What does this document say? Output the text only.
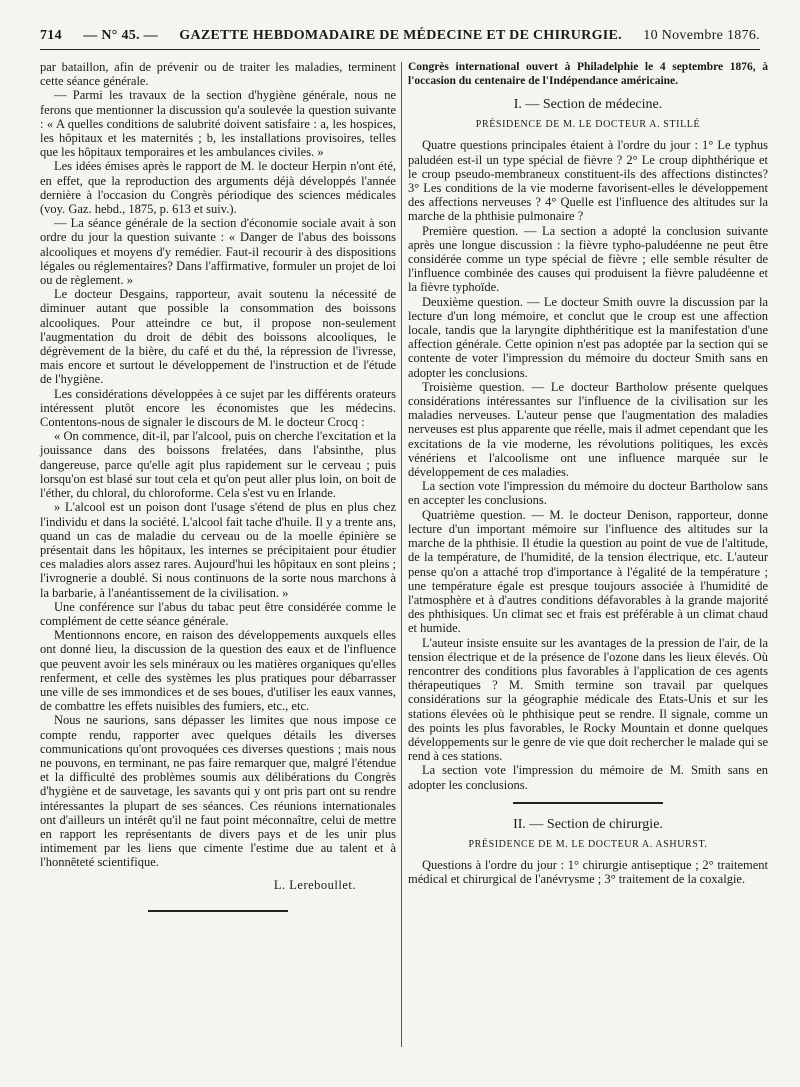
714 — N° 45. — GAZETTE HEBDOMADAIRE DE MÉDECINE ET DE CHIRURGIE. 10 Novembre 1876.

par bataillon, afin de prévenir ou de traiter les maladies, terminent cette séance générale.

— Parmi les travaux de la section d'hygiène générale, nous ne ferons que mentionner la discussion qu'a soulevée la question suivante : « A quelles conditions de salubrité doivent satisfaire : a, les hospices, les hôpitaux et les maternités ; b, les installations provisoires, telles que les hôpitaux temporaires et les ambulances civiles. »

Les idées émises après le rapport de M. le docteur Herpin n'ont été, en effet, que la reproduction des arguments déjà développés l'année dernière à l'occasion du Congrès périodique des sciences médicales (voy. Gaz. hebd., 1875, p. 613 et suiv.).

— La séance générale de la section d'économie sociale avait à son ordre du jour la question suivante : « Danger de l'abus des boissons alcooliques et moyens d'y remédier. Faut-il recourir à des dispositions légales ou réglementaires? Dans l'affirmative, formuler un projet de loi ou de règlement. »

Le docteur Desgains, rapporteur, avait soutenu la nécessité de diminuer autant que possible la consommation des boissons alcooliques. Pour atteindre ce but, il propose non-seulement l'augmentation du droit de débit des boissons alcooliques, le dégrèvement de la bière, du café et du thé, la répression de l'ivresse, mais encore et surtout le développement de l'instruction et de l'étude de l'hygiène.

Les considérations développées à ce sujet par les différents orateurs intéressent plutôt encore les économistes que les médecins. Contentons-nous de signaler le discours de M. le docteur Crocq :

« On commence, dit-il, par l'alcool, puis on cherche l'excitation et la jouissance dans des boissons frelatées, dans l'absinthe, plus dangereuse, parce qu'elle agit plus rapidement sur le cerveau ; puis lorsqu'on est blasé sur tout cela et qu'on peut aller plus loin, on boit de l'éther, du chloral, du chloroforme. Cela s'est vu en Irlande.

» L'alcool est un poison dont l'usage s'étend de plus en plus chez l'individu et dans la société. L'alcool fait tache d'huile. Il y a trente ans, quand un cas de maladie du cerveau ou de la moelle épinière se présentait dans les hôpitaux, les internes se précipitaient pour étudier ces maladies alors assez rares. Aujourd'hui les hôpitaux en sont pleins ; l'ivrognerie a doublé. Si nous continuons de la sorte nous marchons à la barbarie, à l'anéantissement de la civilisation. »

Une conférence sur l'abus du tabac peut être considérée comme le complément de cette séance générale.

Mentionnons encore, en raison des développements auxquels elles ont donné lieu, la discussion de la question des eaux et de l'influence que peuvent avoir les sels minéraux ou les matières organiques qu'elles renferment, et celle des systèmes les plus pratiques pour débarrasser une ville de ses immondices et de ses boues, d'utiliser les eaux vannes, de combattre les effets nuisibles des fumiers, etc., etc.

Nous ne saurions, sans dépasser les limites que nous impose ce compte rendu, rapporter avec quelques détails les diverses communications qu'ont provoquées ces diverses questions ; mais nous ne pouvons, en terminant, ne pas faire remarquer que, malgré l'étendue et la difficulté des problèmes soumis aux délibérations du Congrès d'hygiène et de sauvetage, les savants qui y ont pris part ont su rendre intéressantes la plupart de ses séances. Ces réunions internationales ont d'ailleurs un intérêt qu'il ne faut point méconnaître, celui de mettre en rapport les représentants de divers pays et de les unir plus intimement par les liens que cimente l'estime due au talent et à l'honnêteté scientifique.

L. Lereboullet.

Congrès international ouvert à Philadelphie le 4 septembre 1876, à l'occasion du centenaire de l'Indépendance américaine.

I. — Section de médecine.
PRÉSIDENCE DE M. LE DOCTEUR A. STILLÉ

Quatre questions principales étaient à l'ordre du jour : 1° Le typhus paludéen est-il un type spécial de fièvre ? 2° Le croup diphthérique et le croup pseudo-membraneux constituent-ils des affections distinctes? 3° Les conditions de la vie moderne favorisent-elles le développement des affections nerveuses ? 4° Quelle est l'influence des altitudes sur la marche de la phthisie pulmonaire ?

Première question. — La section a adopté la conclusion suivante après une longue discussion : la fièvre typho-paludéenne ne peut être considérée comme un type spécial de fièvre ; elle semble résulter de l'influence combinée des causes qui produisent la fièvre paludéenne et la fièvre typhoïde.

Deuxième question. — Le docteur Smith ouvre la discussion par la lecture d'un long mémoire, et conclut que le croup est une affection locale, tandis que la laryngite diphthéritique est la manifestation d'une affection générale. Cette opinion n'est pas adoptée par la section qui se contente de voter l'impression du mémoire du docteur Smith sans en adopter les conclusions.

Troisième question. — Le docteur Bartholow présente quelques considérations intéressantes sur l'influence de la civilisation sur les maladies nerveuses. L'auteur pense que l'augmentation des maladies nerveuses est plus apparente que réelle, mais il admet cependant que les excitations de la vie moderne, les révolutions politiques, les excès vénériens et l'alcoolisme ont une influence marquée sur le développement de ces maladies.

La section vote l'impression du mémoire du docteur Bartholow sans en accepter les conclusions.

Quatrième question. — M. le docteur Denison, rapporteur, donne lecture d'un important mémoire sur l'influence des altitudes sur la marche de la phthisie. Il étudie la question au point de vue de l'altitude, de la température, de l'humidité, de la tension électrique, etc. L'auteur pense qu'on a attaché trop d'importance à l'égalité de la température ; une température égale est presque toujours associée à l'humidité de l'atmosphère et à d'autres conditions défavorables à la grande majorité des phthisiques. Un climat sec et frais est préférable à un climat chaud et humide.

L'auteur insiste ensuite sur les avantages de la pression de l'air, de la tension électrique et de la présence de l'ozone dans les lieux élevés. Où rencontrer des conditions plus favorables à l'application de ces agents thérapeutiques ? M. Smith termine son travail par quelques considérations sur la géographie médicale des Etats-Unis et sur les stations élevées où le phthisique peut se rendre. Il signale, comme un des points les plus favorables, le Rocky Mountain et donne quelques développements sur le genre de vie que doit rechercher le malade qui se rend à ces stations.

La section vote l'impression du mémoire de M. Smith sans en adopter les conclusions.

II. — Section de chirurgie.
PRÉSIDENCE DE M. LE DOCTEUR A. ASHURST.

Questions à l'ordre du jour : 1° chirurgie antiseptique ; 2° traitement médical et chirurgical de l'anévrysme ; 3° traitement de la coxalgie.
